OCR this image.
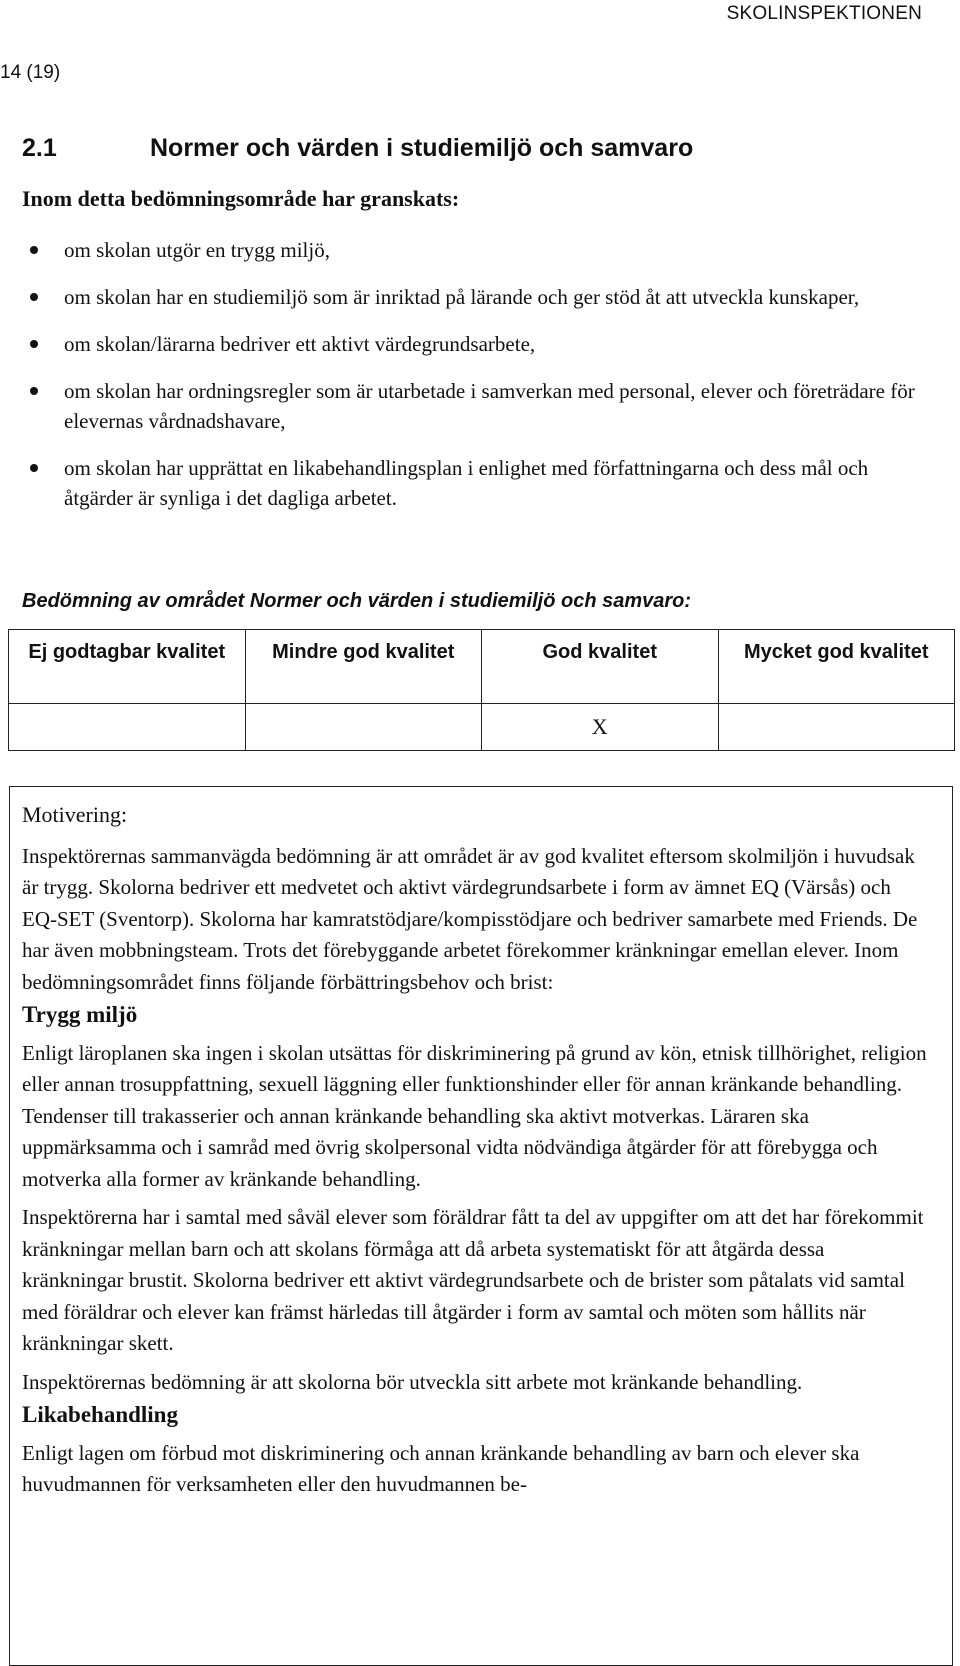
SKOLINSPEKTIONEN
14 (19)
2.1	Normer och värden i studiemiljö och samvaro
Inom detta bedömningsområde har granskats:
om skolan utgör en trygg miljö,
om skolan har en studiemiljö som är inriktad på lärande och ger stöd åt att utveckla kunskaper,
om skolan/lärarna bedriver ett aktivt värdegrundsarbete,
om skolan har ordningsregler som är utarbetade i samverkan med personal, elever och företrädare för elevernas vårdnadshavare,
om skolan har upprättat en likabehandlingsplan i enlighet med författningarna och dess mål och åtgärder är synliga i det dagliga arbetet.
Bedömning av området Normer och värden i studiemiljö och samvaro:
Ej godtagbar kvalitet	Mindre god kvalitet	God kvalitet	Mycket god kvalitet
		X	

Motivering:

Inspektörernas sammanvägda bedömning är att området är av god kvalitet eftersom skolmiljön i huvudsak är trygg. Skolorna bedriver ett medvetet och aktivt värdegrundsarbete i form av ämnet EQ (Värsås) och EQ-SET (Sventorp). Skolorna har kamratstödjare/kompisstödjare och bedriver samarbete med Friends. De har även mobbningsteam. Trots det förebyggande arbetet förekommer kränkningar emellan elever. Inom bedömningsområdet finns följande förbättringsbehov och brist:

Trygg miljö

Enligt läroplanen ska ingen i skolan utsättas för diskriminering på grund av kön, etnisk tillhörighet, religion eller annan trosuppfattning, sexuell läggning eller funktionshinder eller för annan kränkande behandling. Tendenser till trakasserier och annan kränkande behandling ska aktivt motverkas. Läraren ska uppmärksamma och i samråd med övrig skolpersonal vidta nödvändiga åtgärder för att förebygga och motverka alla former av kränkande behandling.

Inspektörerna har i samtal med såväl elever som föräldrar fått ta del av uppgifter om att det har förekommit kränkningar mellan barn och att skolans förmåga att då arbeta systematiskt för att åtgärda dessa kränkningar brustit. Skolorna bedriver ett aktivt värdegrundsarbete och de brister som påtalats vid samtal med föräldrar och elever kan främst härledas till åtgärder i form av samtal och möten som hållits när kränkningar skett.

Inspektörernas bedömning är att skolorna bör utveckla sitt arbete mot kränkande behandling.

Likabehandling

Enligt lagen om förbud mot diskriminering och annan kränkande behandling av barn och elever ska huvudmannen för verksamheten eller den huvudmannen be-
